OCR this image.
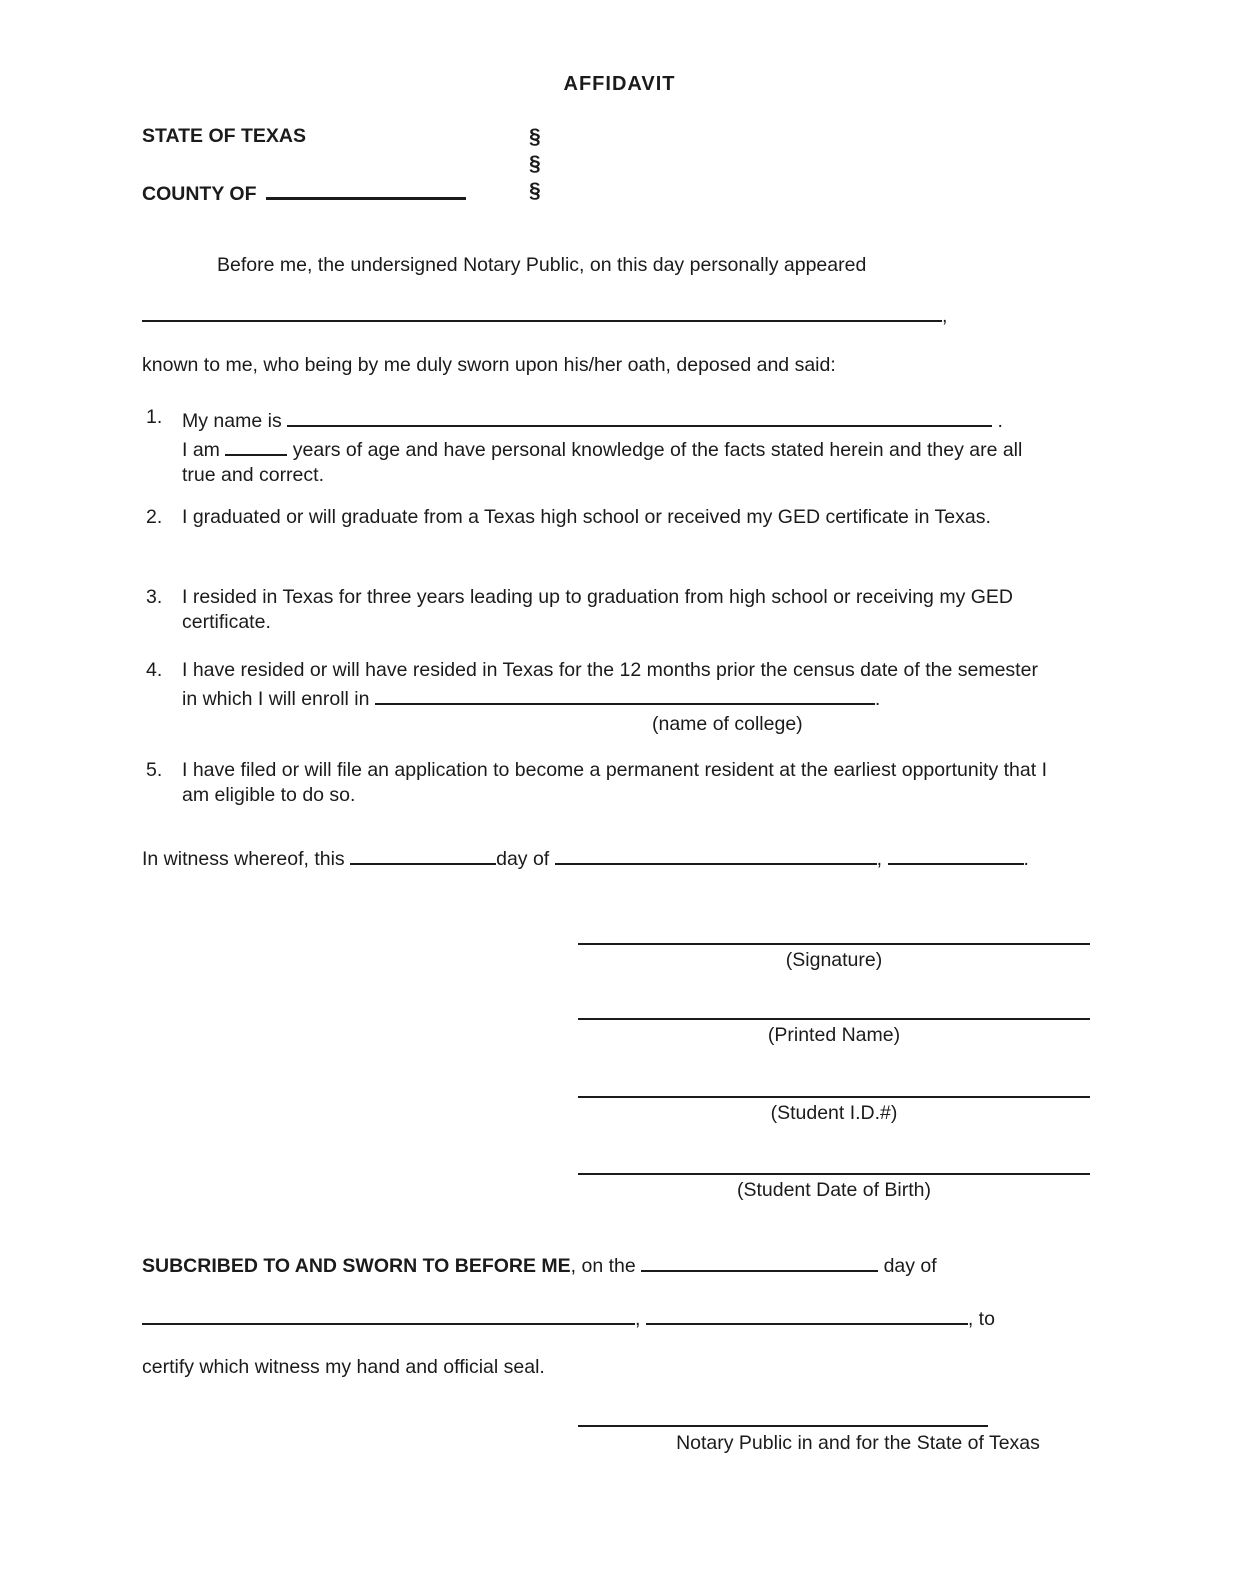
AFFIDAVIT
STATE OF TEXAS	§
§
COUNTY OF	§
Before me, the undersigned Notary Public, on this day personally appeared
,
known to me, who being by me duly sworn upon his/her oath, deposed and said:
1. My name is	.
I am	years of age and have personal knowledge of the facts stated herein and they are all true and correct.
2. I graduated or will graduate from a Texas high school or received my GED certificate in Texas.
3. I resided in Texas for three years leading up to graduation from high school or receiving my GED certificate.
4. I have resided or will have resided in Texas for the 12 months prior the census date of the semester in which I will enroll in	.
(name of college)
5. I have filed or will file an application to become a permanent resident at the earliest opportunity that I am eligible to do so.
In witness whereof, this	day of	,	.
(Signature)
(Printed Name)
(Student I.D.#)
(Student Date of Birth)
SUBCRIBED TO AND SWORN TO BEFORE ME, on the	day of
,	, to
certify which witness my hand and official seal.
Notary Public in and for the State of Texas
